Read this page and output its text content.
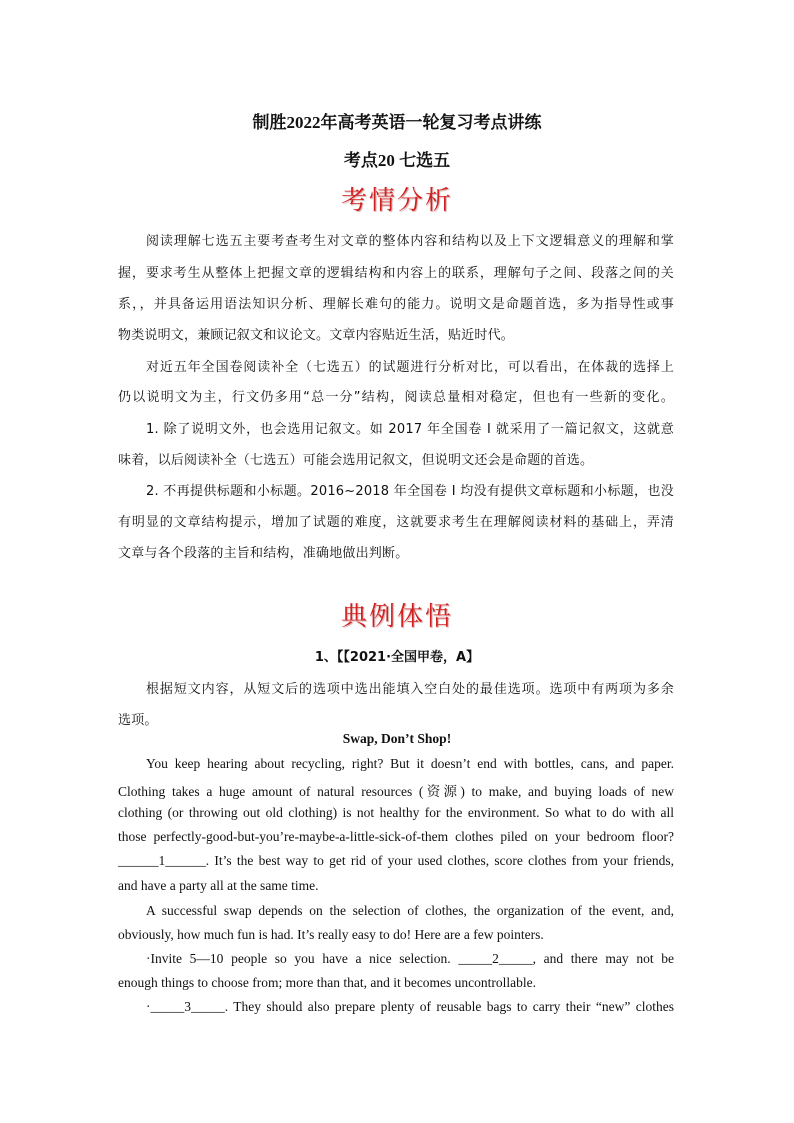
制胜2022年高考英语一轮复习考点讲练
考点20 七选五
考情分析
阅读理解七选五主要考查考生对文章的整体内容和结构以及上下文逻辑意义的理解和掌
握，要求考生从整体上把握文章的逻辑结构和内容上的联系，理解句子之间、段落之间的关
系，，并具备运用语法知识分析、理解长难句的能力。说明文是命题首选，多为指导性或事
物类说明文，兼顾记叙文和议论文。文章内容贴近生活，贴近时代。
对近五年全国卷阅读补全（七选五）的试题进行分析对比，可以看出，在体裁的选择上
仍以说明文为主，行文仍多用“总一分”结构，阅读总量相对稳定，但也有一些新的变化。
1. 除了说明文外，也会选用记叙文。如 2017 年全国卷 I 就采用了一篇记叙文，这就意
味着，以后阅读补全（七选五）可能会选用记叙文，但说明文还会是命题的首选。
2. 不再提供标题和小标题。2016~2018 年全国卷 I 均没有提供文章标题和小标题，也没
有明显的文章结构提示，增加了试题的难度，这就要求考生在理解阅读材料的基础上，弄清
文章与各个段落的主旨和结构，准确地做出判断。
典例体悟
1、【【2021·全国甲卷，A】
根据短文内容，从短文后的选项中选出能填入空白处的最佳选项。选项中有两项为多余
选项。
Swap, Don’t Shop!
You keep hearing about recycling, right? But it doesn’t end with bottles, cans, and paper.
Clothing takes a huge amount of natural resources (资源) to make, and buying loads of new
clothing (or throwing out old clothing) is not healthy for the environment. So what to do with all
those perfectly-good-but-you’re-maybe-a-little-sick-of-them clothes piled on your bedroom floor?
______1______. It’s the best way to get rid of your used clothes, score clothes from your friends,
and have a party all at the same time.
A successful swap depends on the selection of clothes, the organization of the event, and,
obviously, how much fun is had. It’s really easy to do! Here are a few pointers.
·Invite 5—10 people so you have a nice selection. _____2_____, and there may not be
enough things to choose from; more than that, and it becomes uncontrollable.
·_____3_____. They should also prepare plenty of reusable bags to carry their “new” clothes
